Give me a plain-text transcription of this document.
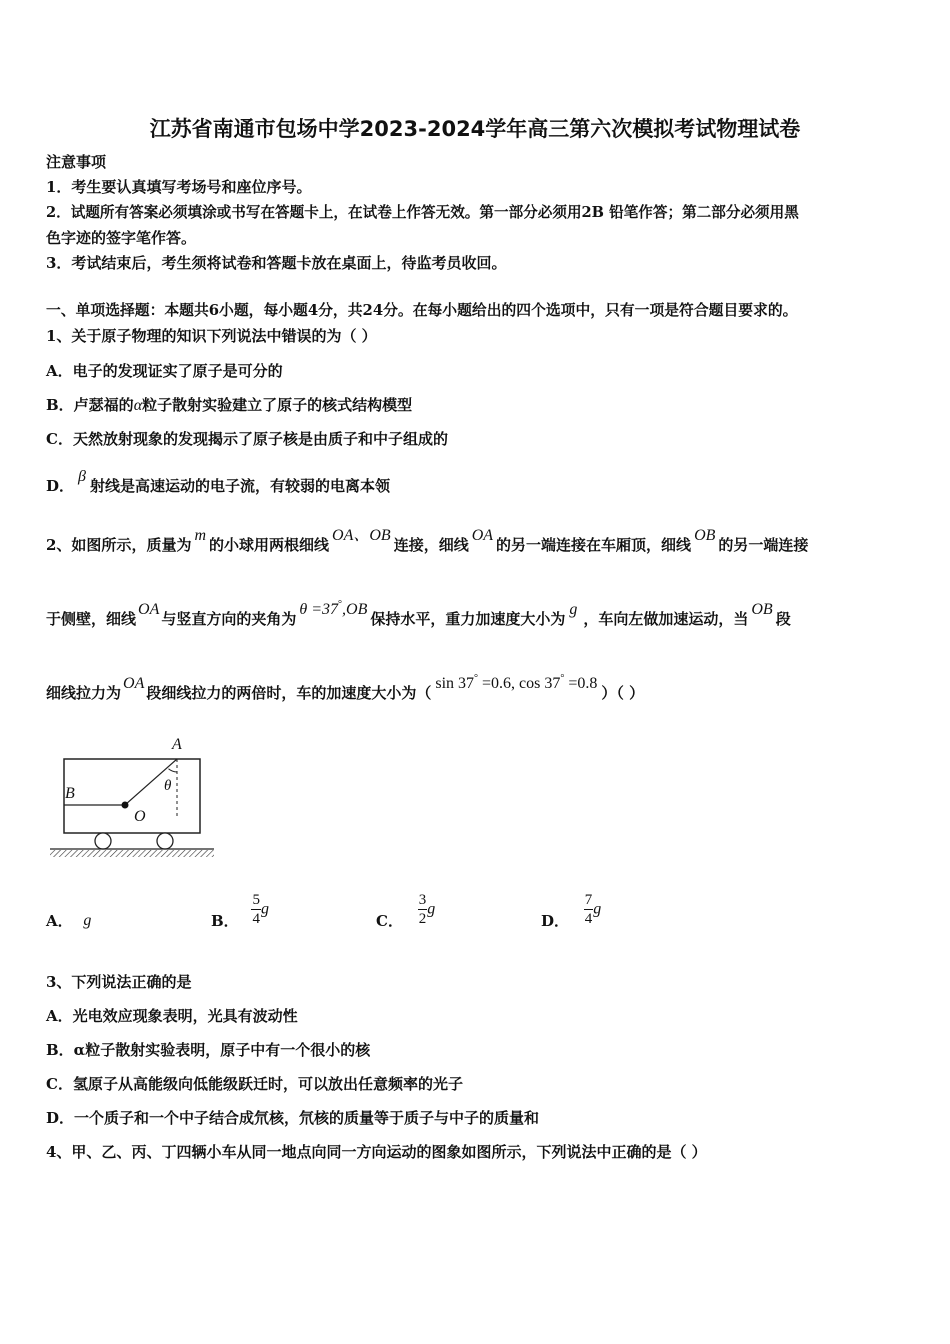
江苏省南通市包场中学2023-2024学年高三第六次模拟考试物理试卷
注意事项
1．考生要认真填写考场号和座位序号。
2．试题所有答案必须填涂或书写在答题卡上，在试卷上作答无效。第一部分必须用2B 铅笔作答；第二部分必须用黑
色字迹的签字笔作答。
3．考试结束后，考生须将试卷和答题卡放在桌面上，待监考员收回。
一、单项选择题：本题共6小题，每小题4分，共24分。在每小题给出的四个选项中，只有一项是符合题目要求的。
1、关于原子物理的知识下列说法中错误的为（ ）
A．电子的发现证实了原子是可分的
B．卢瑟福的α粒子散射实验建立了原子的核式结构模型
C．天然放射现象的发现揭示了原子核是由质子和中子组成的
D．β射线是高速运动的电子流，有较弱的电离本领
2、如图所示，质量为m的小球用两根细线OA、OB连接，细线OA的另一端连接在车厢顶，细线OB的另一端连接
于侧壁，细线OA与竖直方向的夹角为θ =37°,OB保持水平，重力加速度大小为g，车向左做加速运动，当OB段
细线拉力为OA段细线拉力的两倍时，车的加速度大小为（sin 37° =0.6, cos 37° =0.8）（ ）
A
B
O
θ
A． g	B． $\frac{5}{4}$ g
C． $\frac{3}{2}$ g
D． $\frac{7}{4}$ g
3、下列说法正确的是
A．光电效应现象表明，光具有波动性
B．α粒子散射实验表明，原子中有一个很小的核
C．氢原子从高能级向低能级跃迁时，可以放出任意频率的光子
D．一个质子和一个中子结合成氘核，氘核的质量等于质子与中子的质量和
4、甲、乙、丙、丁四辆小车从同一地点向同一方向运动的图象如图所示，下列说法中正确的是（ ）
